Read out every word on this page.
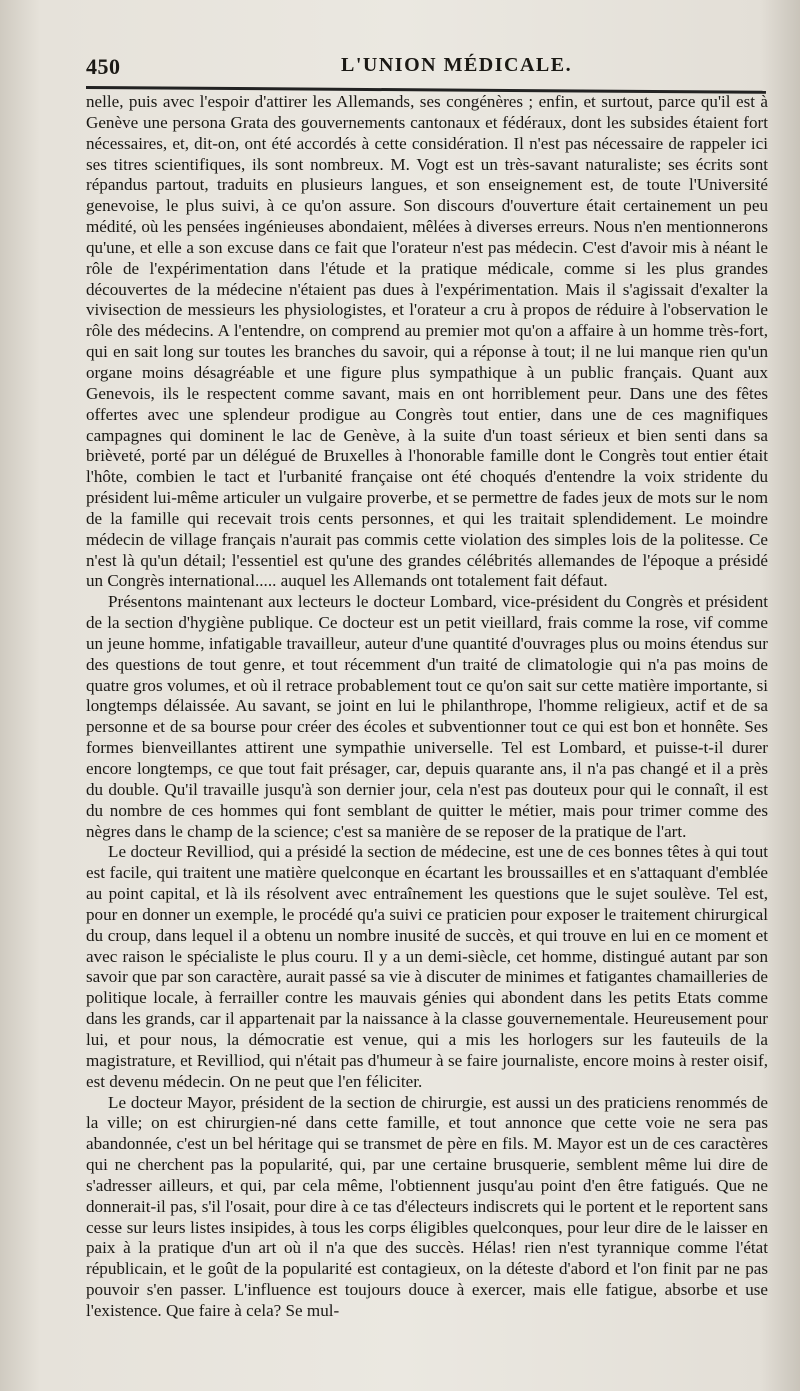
450	L'UNION MÉDICALE.

nelle, puis avec l'espoir d'attirer les Allemands, ses congénères ; enfin, et surtout, parce qu'il est à Genève une persona Grata des gouvernements cantonaux et fédéraux, dont les subsides étaient fort nécessaires, et, dit-on, ont été accordés à cette considération. Il n'est pas nécessaire de rappeler ici ses titres scientifiques, ils sont nombreux. M. Vogt est un très-savant naturaliste; ses écrits sont répandus partout, traduits en plusieurs langues, et son enseignement est, de toute l'Université genevoise, le plus suivi, à ce qu'on assure. Son discours d'ouverture était certainement un peu médité, où les pensées ingénieuses abondaient, mêlées à diverses erreurs. Nous n'en mentionnerons qu'une, et elle a son excuse dans ce fait que l'orateur n'est pas médecin. C'est d'avoir mis à néant le rôle de l'expérimentation dans l'étude et la pratique médicale, comme si les plus grandes découvertes de la médecine n'étaient pas dues à l'expérimentation. Mais il s'agissait d'exalter la vivisection de messieurs les physiologistes, et l'orateur a cru à propos de réduire à l'observation le rôle des médecins. A l'entendre, on comprend au premier mot qu'on a affaire à un homme très-fort, qui en sait long sur toutes les branches du savoir, qui a réponse à tout; il ne lui manque rien qu'un organe moins désagréable et une figure plus sympathique à un public français. Quant aux Genevois, ils le respectent comme savant, mais en ont horriblement peur. Dans une des fêtes offertes avec une splendeur prodigue au Congrès tout entier, dans une de ces magnifiques campagnes qui dominent le lac de Genève, à la suite d'un toast sérieux et bien senti dans sa brièveté, porté par un délégué de Bruxelles à l'honorable famille dont le Congrès tout entier était l'hôte, combien le tact et l'urbanité française ont été choqués d'entendre la voix stridente du président lui-même articuler un vulgaire proverbe, et se permettre de fades jeux de mots sur le nom de la famille qui recevait trois cents personnes, et qui les traitait splendidement. Le moindre médecin de village français n'aurait pas commis cette violation des simples lois de la politesse. Ce n'est là qu'un détail; l'essentiel est qu'une des grandes célébrités allemandes de l'époque a présidé un Congrès international..... auquel les Allemands ont totalement fait défaut.

Présentons maintenant aux lecteurs le docteur Lombard, vice-président du Congrès et président de la section d'hygiène publique. Ce docteur est un petit vieillard, frais comme la rose, vif comme un jeune homme, infatigable travailleur, auteur d'une quantité d'ouvrages plus ou moins étendus sur des questions de tout genre, et tout récemment d'un traité de climatologie qui n'a pas moins de quatre gros volumes, et où il retrace probablement tout ce qu'on sait sur cette matière importante, si longtemps délaissée. Au savant, se joint en lui le philanthrope, l'homme religieux, actif et de sa personne et de sa bourse pour créer des écoles et subventionner tout ce qui est bon et honnête. Ses formes bienveillantes attirent une sympathie universelle. Tel est Lombard, et puisse-t-il durer encore longtemps, ce que tout fait présager, car, depuis quarante ans, il n'a pas changé et il a près du double. Qu'il travaille jusqu'à son dernier jour, cela n'est pas douteux pour qui le connaît, il est du nombre de ces hommes qui font semblant de quitter le métier, mais pour trimer comme des nègres dans le champ de la science; c'est sa manière de se reposer de la pratique de l'art.

Le docteur Revilliod, qui a présidé la section de médecine, est une de ces bonnes têtes à qui tout est facile, qui traitent une matière quelconque en écartant les broussailles et en s'attaquant d'emblée au point capital, et là ils résolvent avec entraînement les questions que le sujet soulève. Tel est, pour en donner un exemple, le procédé qu'a suivi ce praticien pour exposer le traitement chirurgical du croup, dans lequel il a obtenu un nombre inusité de succès, et qui trouve en lui en ce moment et avec raison le spécialiste le plus couru. Il y a un demi-siècle, cet homme, distingué autant par son savoir que par son caractère, aurait passé sa vie à discuter de minimes et fatigantes chamailleries de politique locale, à ferrailler contre les mauvais génies qui abondent dans les petits Etats comme dans les grands, car il appartenait par la naissance à la classe gouvernementale. Heureusement pour lui, et pour nous, la démocratie est venue, qui a mis les horlogers sur les fauteuils de la magistrature, et Revilliod, qui n'était pas d'humeur à se faire journaliste, encore moins à rester oisif, est devenu médecin. On ne peut que l'en féliciter.

Le docteur Mayor, président de la section de chirurgie, est aussi un des praticiens renommés de la ville; on est chirurgien-né dans cette famille, et tout annonce que cette voie ne sera pas abandonnée, c'est un bel héritage qui se transmet de père en fils. M. Mayor est un de ces caractères qui ne cherchent pas la popularité, qui, par une certaine brusquerie, semblent même lui dire de s'adresser ailleurs, et qui, par cela même, l'obtiennent jusqu'au point d'en être fatigués. Que ne donnerait-il pas, s'il l'osait, pour dire à ce tas d'électeurs indiscrets qui le portent et le reportent sans cesse sur leurs listes insipides, à tous les corps éligibles quelconques, pour leur dire de le laisser en paix à la pratique d'un art où il n'a que des succès. Hélas! rien n'est tyrannique comme l'état républicain, et le goût de la popularité est contagieux, on la déteste d'abord et l'on finit par ne pas pouvoir s'en passer. L'influence est toujours douce à exercer, mais elle fatigue, absorbe et use l'existence. Que faire à cela? Se mul-
